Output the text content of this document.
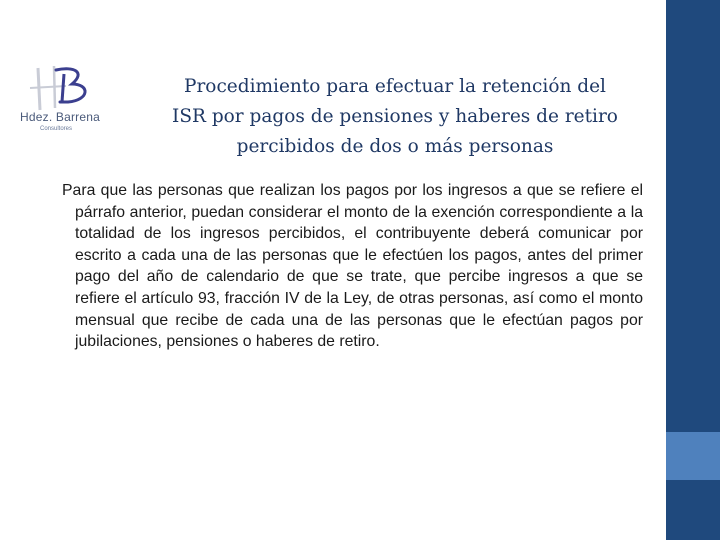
Hdez. Barrena
Consultores
Procedimiento para efectuar la retención del
ISR por pagos de pensiones y haberes de retiro
percibidos de dos o más personas
Para que las personas que realizan los pagos por los ingresos a que se refiere el párrafo anterior, puedan considerar el monto de la exención correspondiente a la totalidad de los ingresos percibidos, el contribuyente deberá comunicar por escrito a cada una de las personas que le efectúen los pagos, antes del primer pago del año de calendario de que se trate, que percibe ingresos a que se refiere el artículo 93, fracción IV de la Ley, de otras personas, así como el monto mensual que recibe de cada una de las personas que le efectúan pagos por jubilaciones, pensiones o haberes de retiro.
